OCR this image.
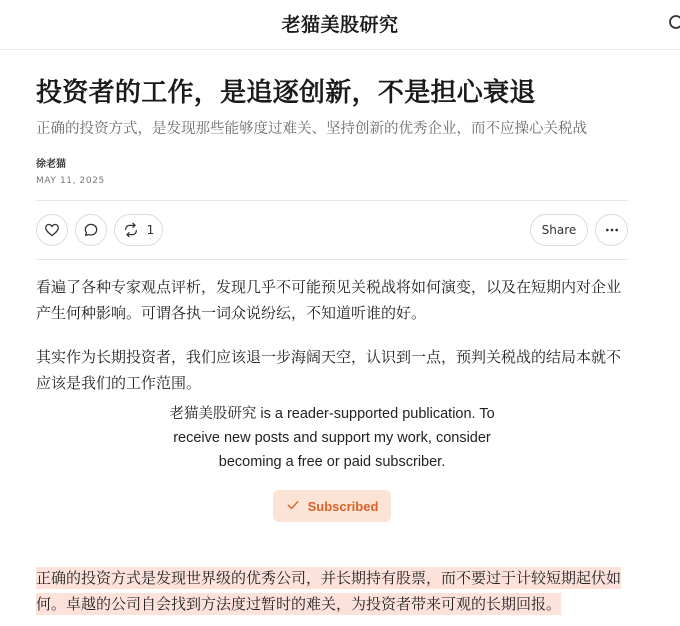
老猫美股研究
投资者的工作，是追逐创新，不是担心衰退
正确的投资方式，是发现那些能够度过难关、坚持创新的优秀企业，而不应操心关税战
徐老猫
MAY 11, 2025
1	Share

看遍了各种专家观点评析，发现几乎不可能预见关税战将如何演变，以及在短期内对企业产生何种影响。可谓各执一词众说纷纭，不知道听谁的好。

其实作为长期投资者，我们应该退一步海阔天空，认识到一点，预判关税战的结局本就不应该是我们的工作范围。

老猫美股研究 is a reader-supported publication. To receive new posts and support my work, consider becoming a free or paid subscriber.
Subscribed

正确的投资方式是发现世界级的优秀公司，并长期持有股票，而不要过于计较短期起伏如何。卓越的公司自会找到方法度过暂时的难关，为投资者带来可观的长期回报。
